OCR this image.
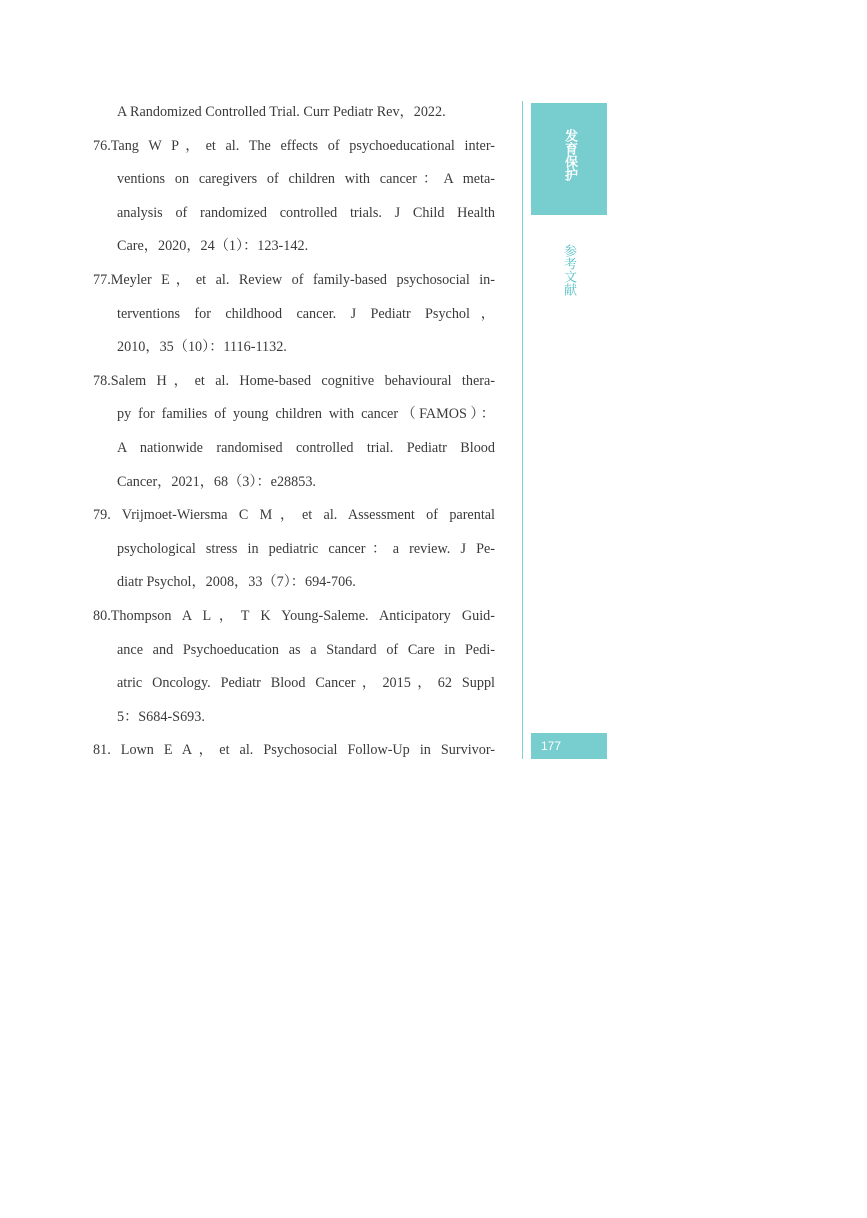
A Randomized Controlled Trial. Curr Pediatr Rev，2022.
76.Tang W P，et al. The effects of psychoeducational inter-
ventions on caregivers of children with cancer：A meta-
analysis of randomized controlled trials. J Child Health
Care，2020，24（1）：123-142.
77.Meyler E，et al. Review of family-based psychosocial in-
terventions for childhood cancer. J Pediatr Psychol，
2010，35（10）：1116-1132.
78.Salem H，et al. Home-based cognitive behavioural thera-
py for families of young children with cancer（FAMOS）：
A nationwide randomised controlled trial. Pediatr Blood
Cancer，2021，68（3）：e28853.
79. Vrijmoet-Wiersma C M，et al. Assessment of parental
psychological stress in pediatric cancer：a review. J Pe-
diatr Psychol，2008，33（7）：694-706.
80.Thompson A L，T K Young-Saleme. Anticipatory Guid-
ance and Psychoeducation as a Standard of Care in Pedi-
atric Oncology. Pediatr Blood Cancer，2015，62 Suppl
5：S684-S693.
81. Lown E A，et al. Psychosocial Follow-Up in Survivor-
发育保护
参考文献
177
